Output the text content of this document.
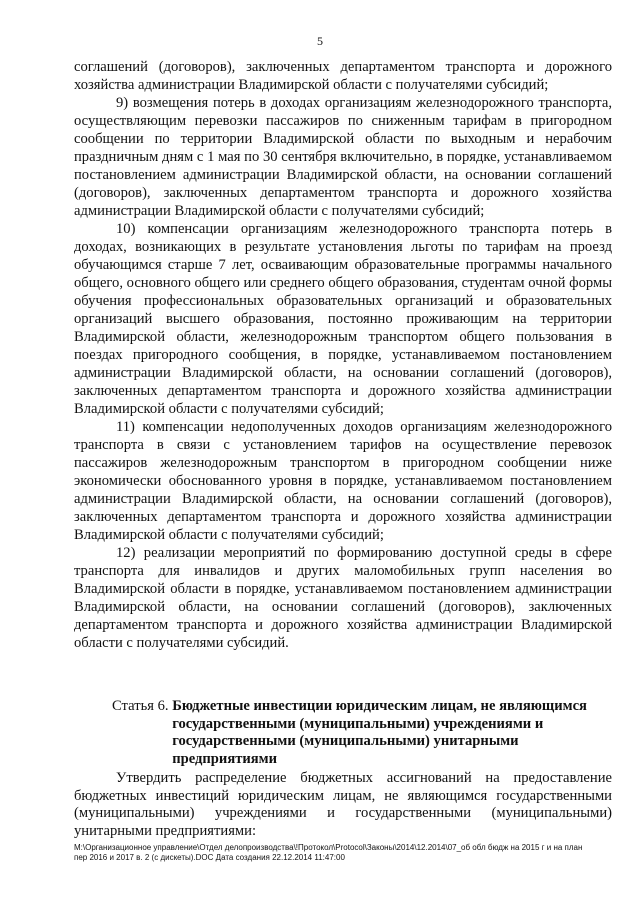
5

соглашений (договоров), заключенных департаментом транспорта и дорожного хозяйства администрации Владимирской области с получателями субсидий;

9) возмещения потерь в доходах организациям железнодорожного транспорта, осуществляющим перевозки пассажиров по сниженным тарифам в пригородном сообщении по территории Владимирской области по выходным и нерабочим праздничным дням с 1 мая по 30 сентября включительно, в порядке, устанавливаемом постановлением администрации Владимирской области, на основании соглашений (договоров), заключенных департаментом транспорта и дорожного хозяйства администрации Владимирской области с получателями субсидий;

10) компенсации организациям железнодорожного транспорта потерь в доходах, возникающих в результате установления льготы по тарифам на проезд обучающимся старше 7 лет, осваивающим образовательные программы начального общего, основного общего или среднего общего образования, студентам очной формы обучения профессиональных образовательных организаций и образовательных организаций высшего образования, постоянно проживающим на территории Владимирской области, железнодорожным транспортом общего пользования в поездах пригородного сообщения, в порядке, устанавливаемом постановлением администрации Владимирской области, на основании соглашений (договоров), заключенных департаментом транспорта и дорожного хозяйства администрации Владимирской области с получателями субсидий;

11) компенсации недополученных доходов организациям железнодорожного транспорта в связи с установлением тарифов на осуществление перевозок пассажиров железнодорожным транспортом в пригородном сообщении ниже экономически обоснованного уровня в порядке, устанавливаемом постановлением администрации Владимирской области, на основании соглашений (договоров), заключенных департаментом транспорта и дорожного хозяйства администрации Владимирской области с получателями субсидий;

12) реализации мероприятий по формированию доступной среды в сфере транспорта для инвалидов и других маломобильных групп населения во Владимирской области в порядке, устанавливаемом постановлением администрации Владимирской области, на основании соглашений (договоров), заключенных департаментом транспорта и дорожного хозяйства администрации Владимирской области с получателями субсидий.

Статья 6. Бюджетные инвестиции юридическим лицам, не являющимся государственными (муниципальными) учреждениями и государственными (муниципальными) унитарными предприятиями
Утвердить распределение бюджетных ассигнований на предоставление бюджетных инвестиций юридическим лицам, не являющимся государственными (муниципальными) учреждениями и государственными (муниципальными) унитарными предприятиями:
M:\Организационное управление\Отдел делопроизводства\!Протокол\Protocol\Законы\2014\12.2014\07_об обл бюдж на 2015 г и на план пер 2016 и 2017 в. 2 (с дискеты).DOC Дата создания 22.12.2014 11:47:00
